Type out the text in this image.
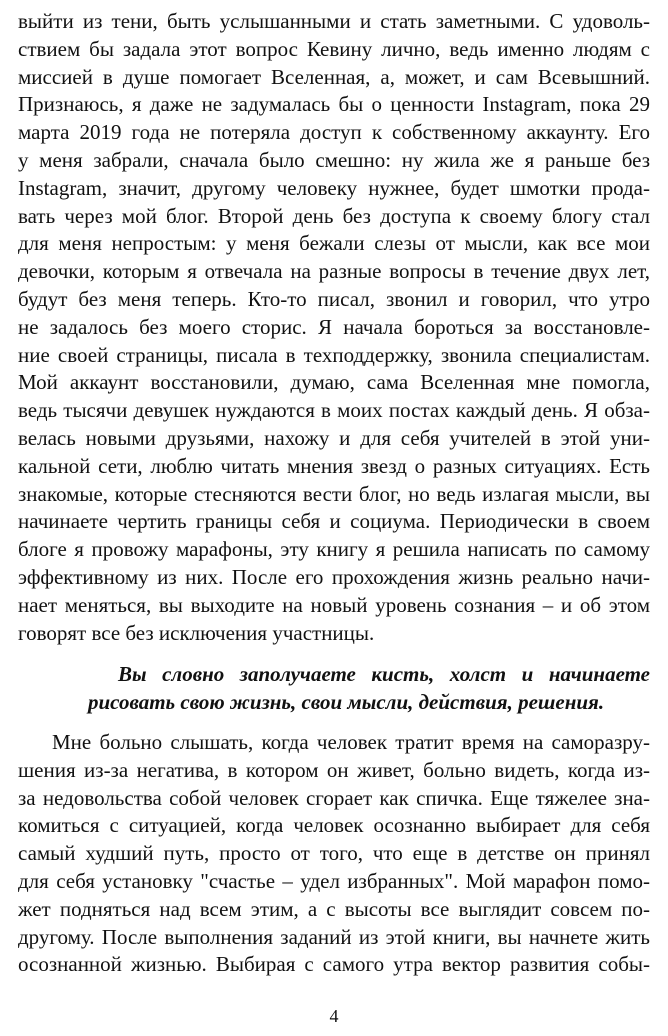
выйти из тени, быть услышанными и стать заметными. С удоволь-
ствием бы задала этот вопрос Кевину лично, ведь именно людям с
миссией в душе помогает Вселенная, а, может, и сам Всевышний.
Признаюсь, я даже не задумалась бы о ценности Instagram, пока 29
марта 2019 года не потеряла доступ к собственному аккаунту. Его
у меня забрали, сначала было смешно: ну жила же я раньше без
Instagram, значит, другому человеку нужнее, будет шмотки прода-
вать через мой блог. Второй день без доступа к своему блогу стал
для меня непростым: у меня бежали слезы от мысли, как все мои
девочки, которым я отвечала на разные вопросы в течение двух лет,
будут без меня теперь. Кто-то писал, звонил и говорил, что утро
не задалось без моего сторис. Я начала бороться за восстановле-
ние своей страницы, писала в техподдержку, звонила специалистам.
Мой аккаунт восстановили, думаю, сама Вселенная мне помогла,
ведь тысячи девушек нуждаются в моих постах каждый день. Я обза-
велась новыми друзьями, нахожу и для себя учителей в этой уни-
кальной сети, люблю читать мнения звезд о разных ситуациях. Есть
знакомые, которые стесняются вести блог, но ведь излагая мысли, вы
начинаете чертить границы себя и социума. Периодически в своем
блоге я провожу марафоны, эту книгу я решила написать по самому
эффективному из них. После его прохождения жизнь реально начи-
нает меняться, вы выходите на новый уровень сознания – и об этом
говорят все без исключения участницы.
Вы словно заполучаете кисть, холст и начинаете
рисовать свою жизнь, свои мысли, действия, решения.
Мне больно слышать, когда человек тратит время на саморазру-
шения из-за негатива, в котором он живет, больно видеть, когда из-
за недовольства собой человек сгорает как спичка. Еще тяжелее зна-
комиться с ситуацией, когда человек осознанно выбирает для себя
самый худший путь, просто от того, что еще в детстве он принял
для себя установку "счастье – удел избранных". Мой марафон помо-
жет подняться над всем этим, а с высоты все выглядит совсем по-
другому. После выполнения заданий из этой книги, вы начнете жить
осознанной жизнью. Выбирая с самого утра вектор развития собы-
4
